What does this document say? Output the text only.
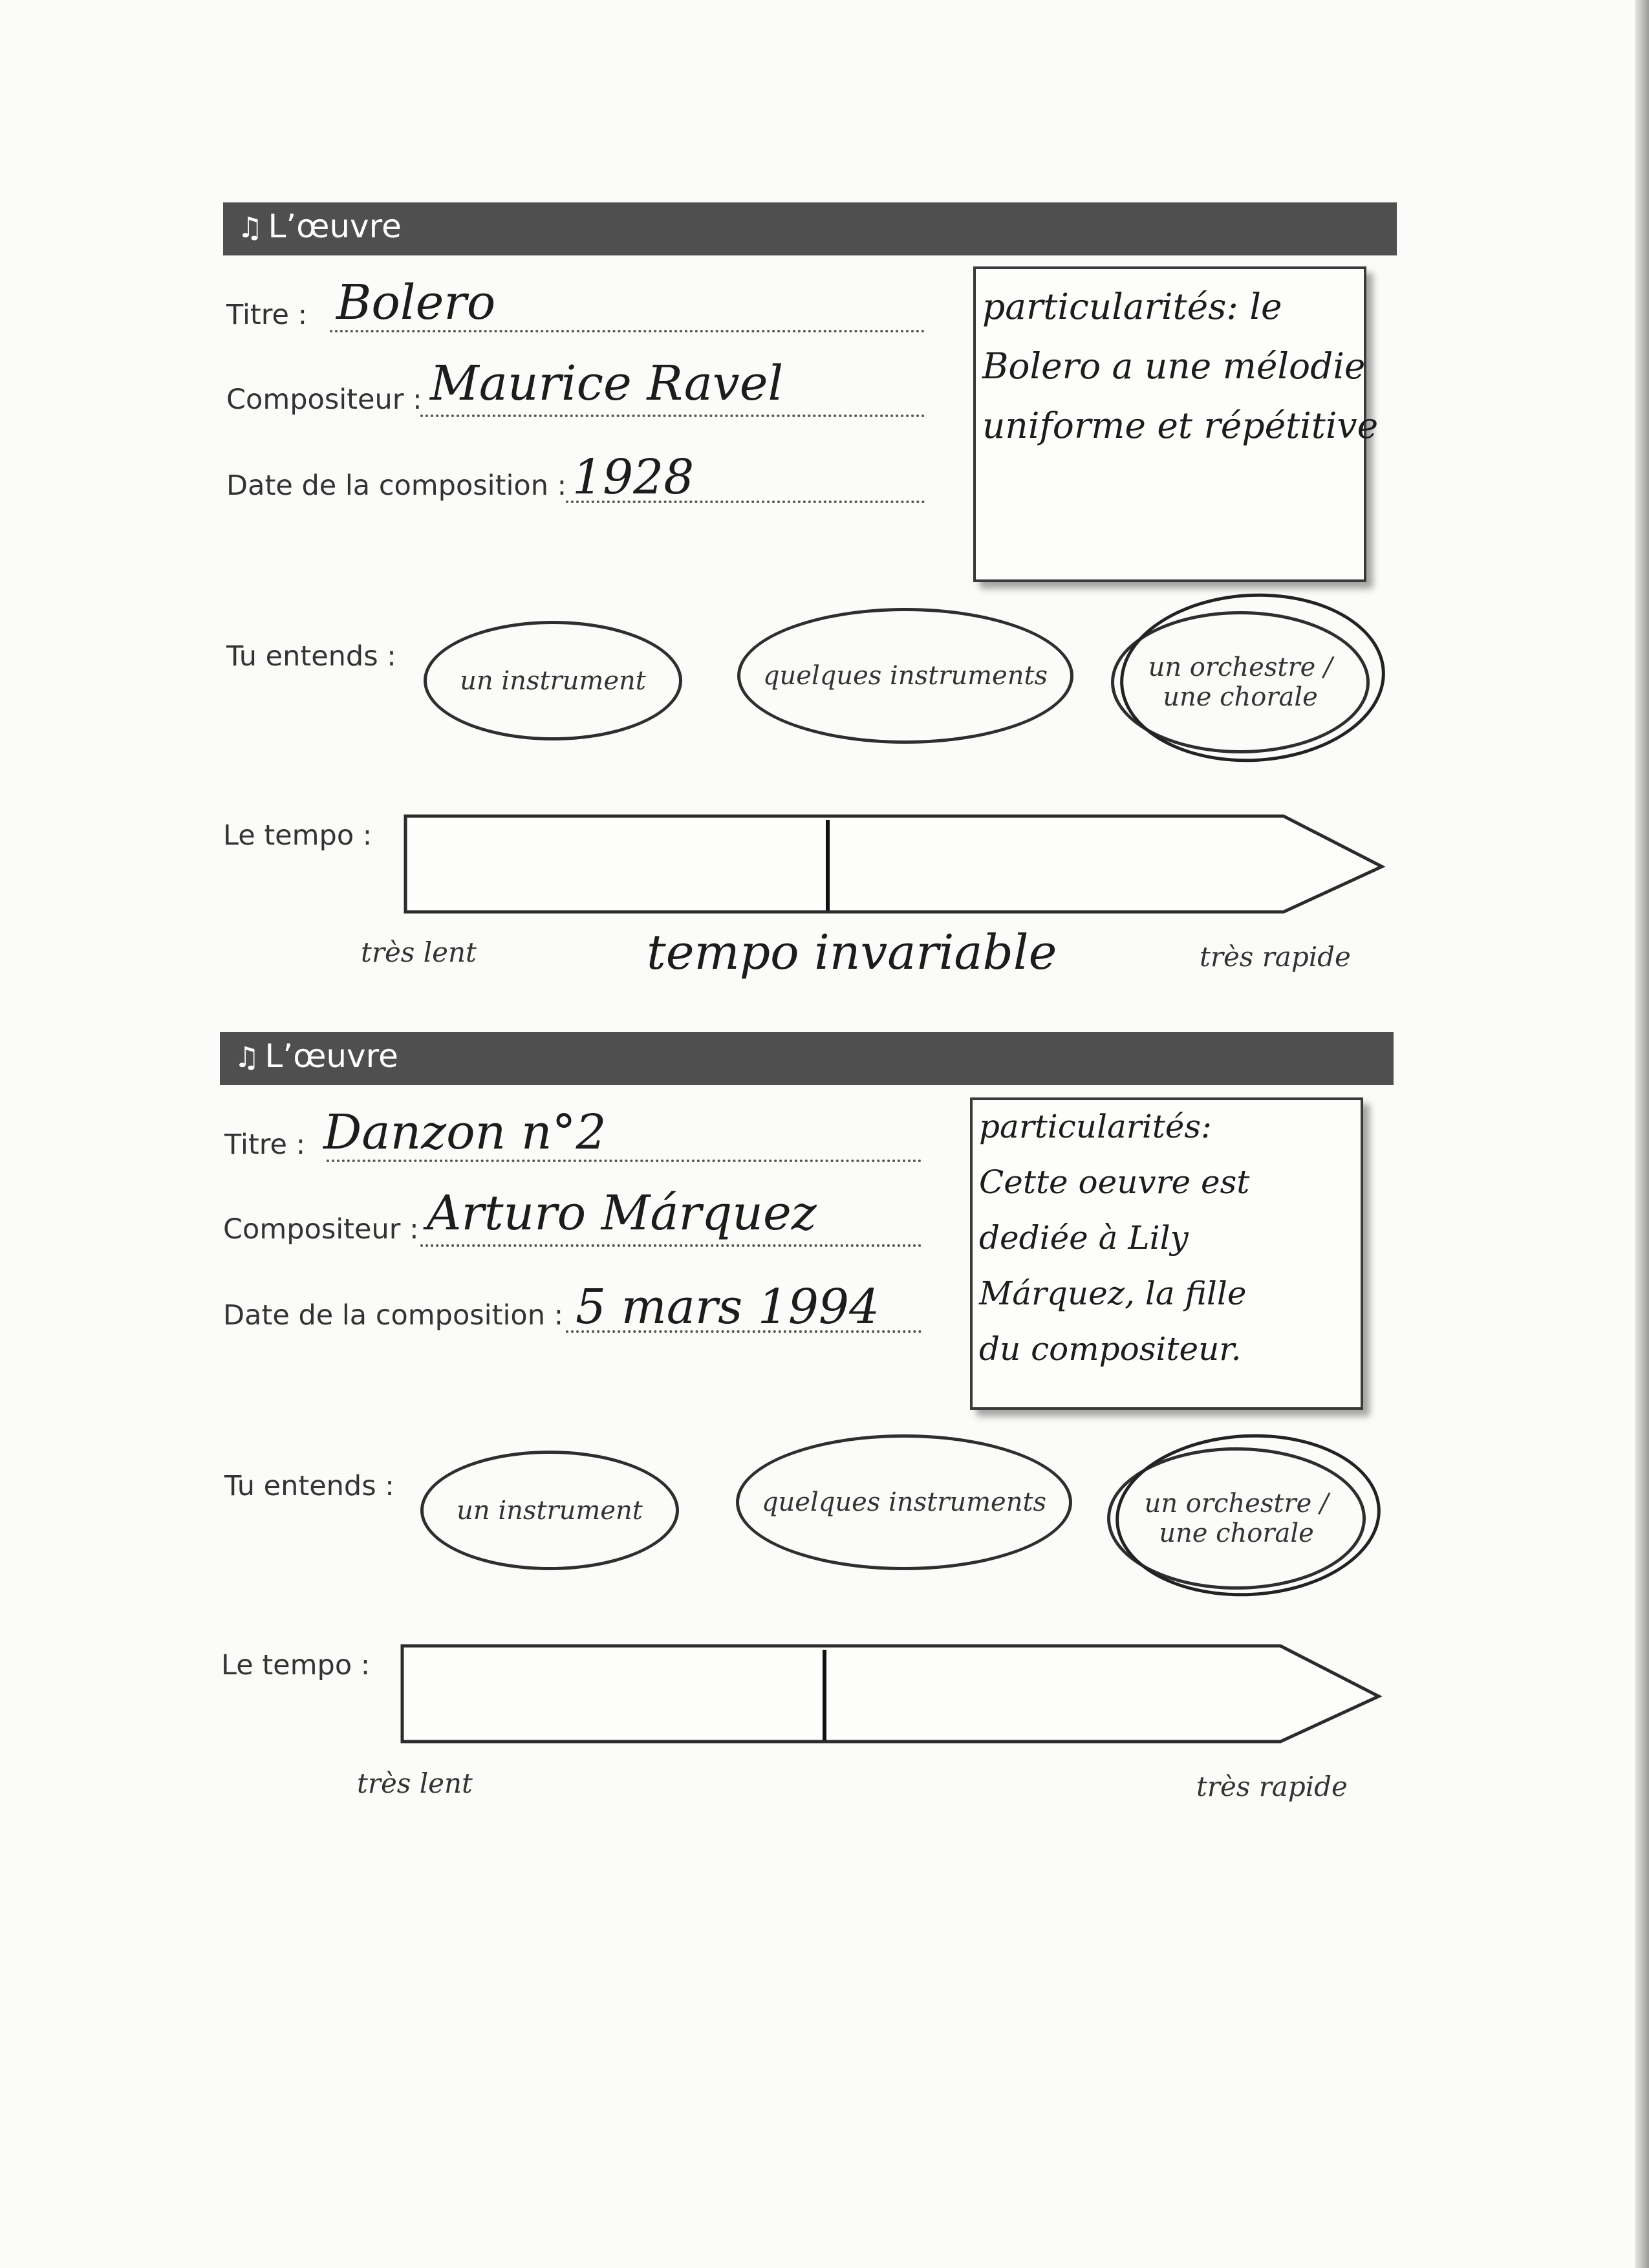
♫ L’œuvre
Titre : Bolero
Compositeur : Maurice Ravel
Date de la composition : 1928
particularités: le
Bolero a une mélodie
uniforme et répétitive
Tu entends :
un instrument	quelques instruments	un orchestre / une chorale
Le tempo :
très lent	tempo invariable	très rapide
♫ L’œuvre
Titre : Danzon n°2
Compositeur : Arturo Márquez
Date de la composition : 5 mars 1994
particularités:
Cette oeuvre est
dediée à Lily
Márquez, la fille
du compositeur.
Tu entends :
un instrument	quelques instruments	un orchestre / une chorale
Le tempo :
très lent	très rapide
